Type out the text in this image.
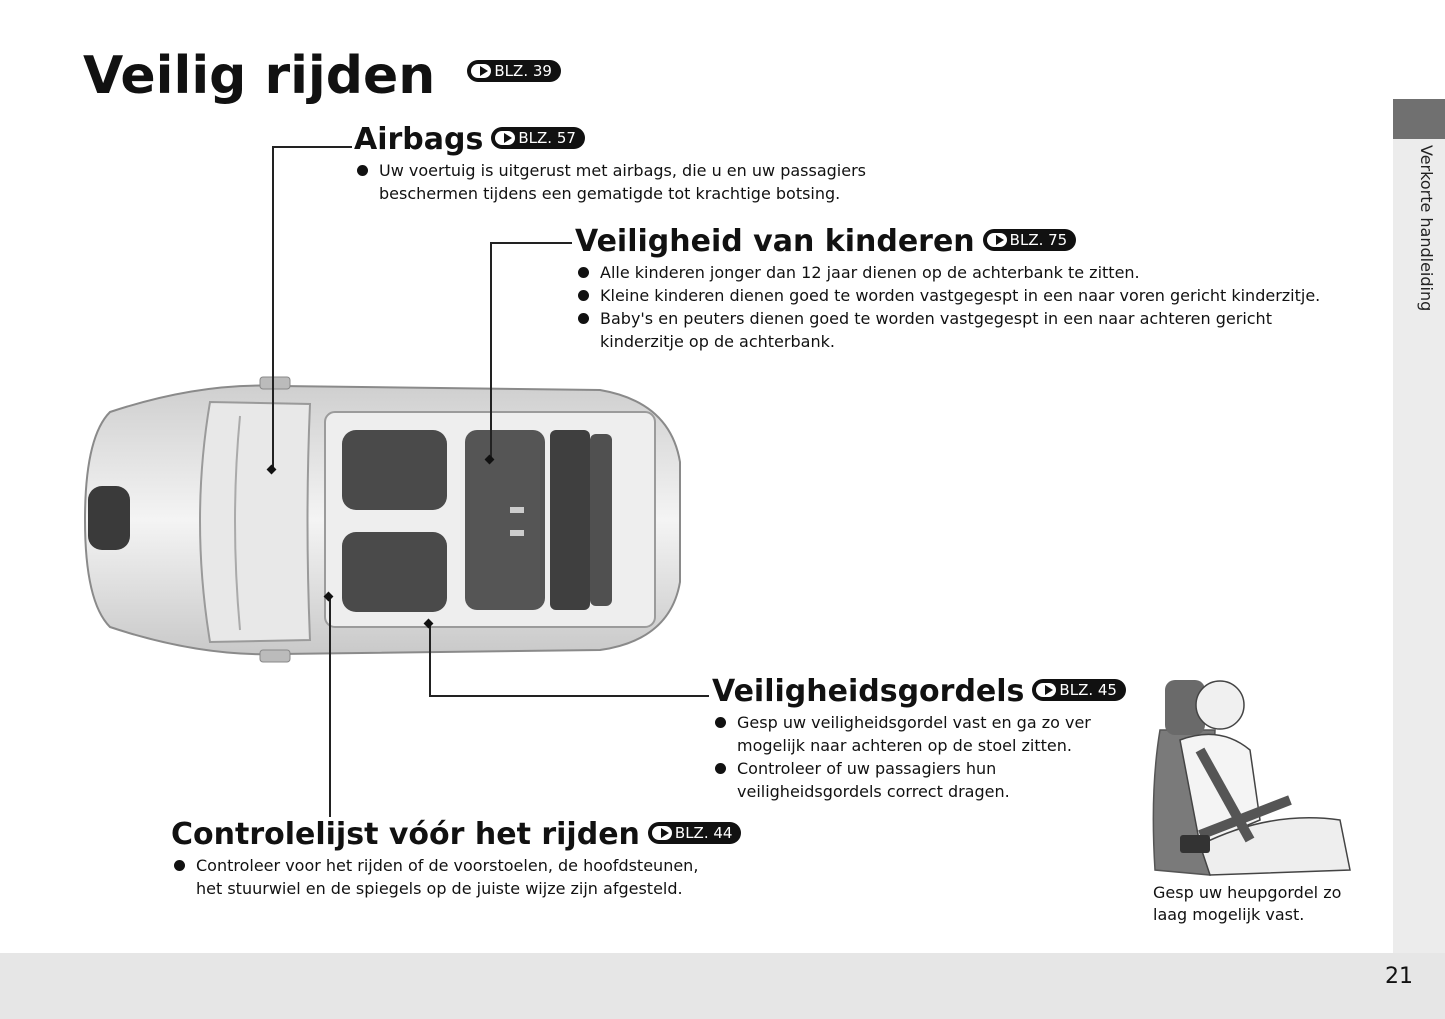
Veilig rijden	BLZ. 39
Verkorte handleiding
Airbags BLZ. 57
Uw voertuig is uitgerust met airbags, die u en uw passagiers
beschermen tijdens een gematigde tot krachtige botsing.
Veiligheid van kinderen BLZ. 75
Alle kinderen jonger dan 12 jaar dienen op de achterbank te zitten.
Kleine kinderen dienen goed te worden vastgegespt in een naar voren gericht kinderzitje.
Baby's en peuters dienen goed te worden vastgegespt in een naar achteren gericht
kinderzitje op de achterbank.
Veiligheidsgordels BLZ. 45
Gesp uw veiligheidsgordel vast en ga zo ver
mogelijk naar achteren op de stoel zitten.
Controleer of uw passagiers hun
veiligheidsgordels correct dragen.
Controlelijst vóór het rijden BLZ. 44
Controleer voor het rijden of de voorstoelen, de hoofdsteunen,
het stuurwiel en de spiegels op de juiste wijze zijn afgesteld.	Gesp uw heupgordel zo
laag mogelijk vast.
21
